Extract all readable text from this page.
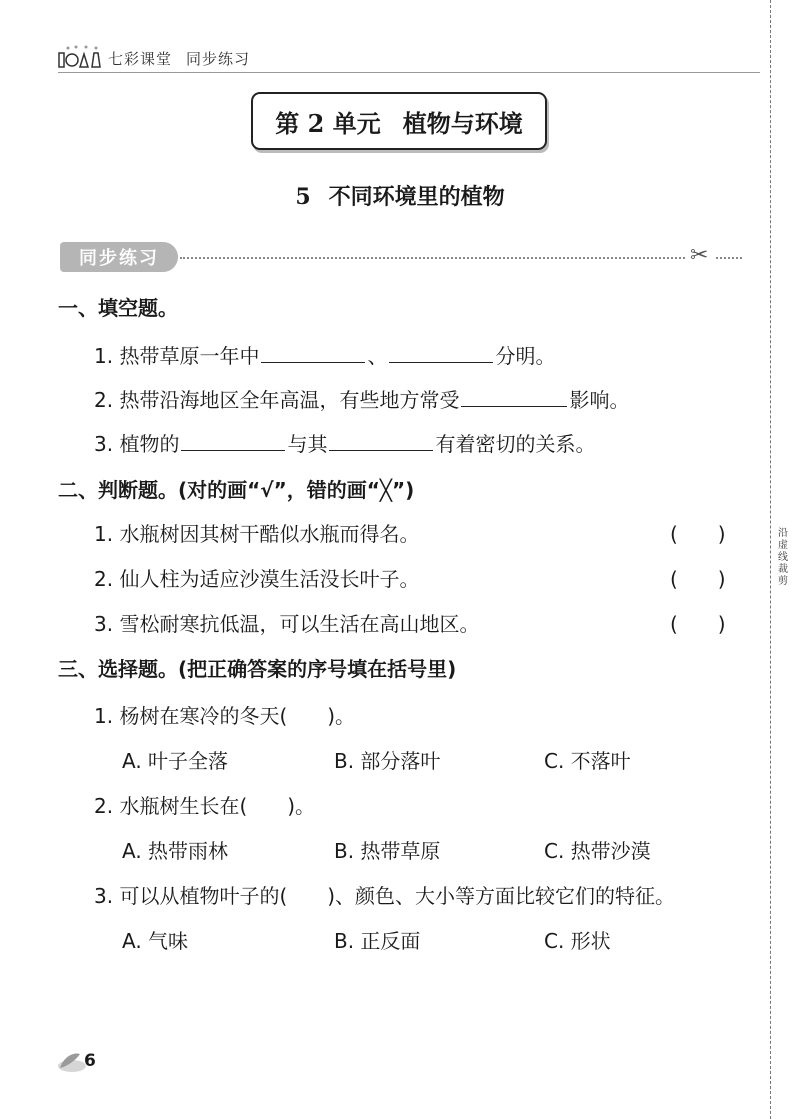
七彩课堂 同步练习
沿虚线裁剪
第 2 单元 植物与环境
5 不同环境里的植物
同步练习	✂
一、填空题。
1.
热带草原一年中	、	分明。
2.
热带沿海地区全年高温，有些地方常受	影响。
3.
植物的	与其	有着密切的关系。
二、判断题。(对的画“√”，错的画“╳”)
1.
水瓶树因其树干酷似水瓶而得名。	(　　)
2.
仙人柱为适应沙漠生活没长叶子。	(　　)
3.
雪松耐寒抗低温，可以生活在高山地区。	(　　)
三、选择题。(把正确答案的序号填在括号里)
1.
杨树在寒冷的冬天(　　)。
A. 叶子全落	B. 部分落叶	C. 不落叶
2.
水瓶树生长在(　　)。
A. 热带雨林	B. 热带草原	C. 热带沙漠
3.
可以从植物叶子的(　　)、颜色、大小等方面比较它们的特征。
A. 气味	B. 正反面	C. 形状
6
